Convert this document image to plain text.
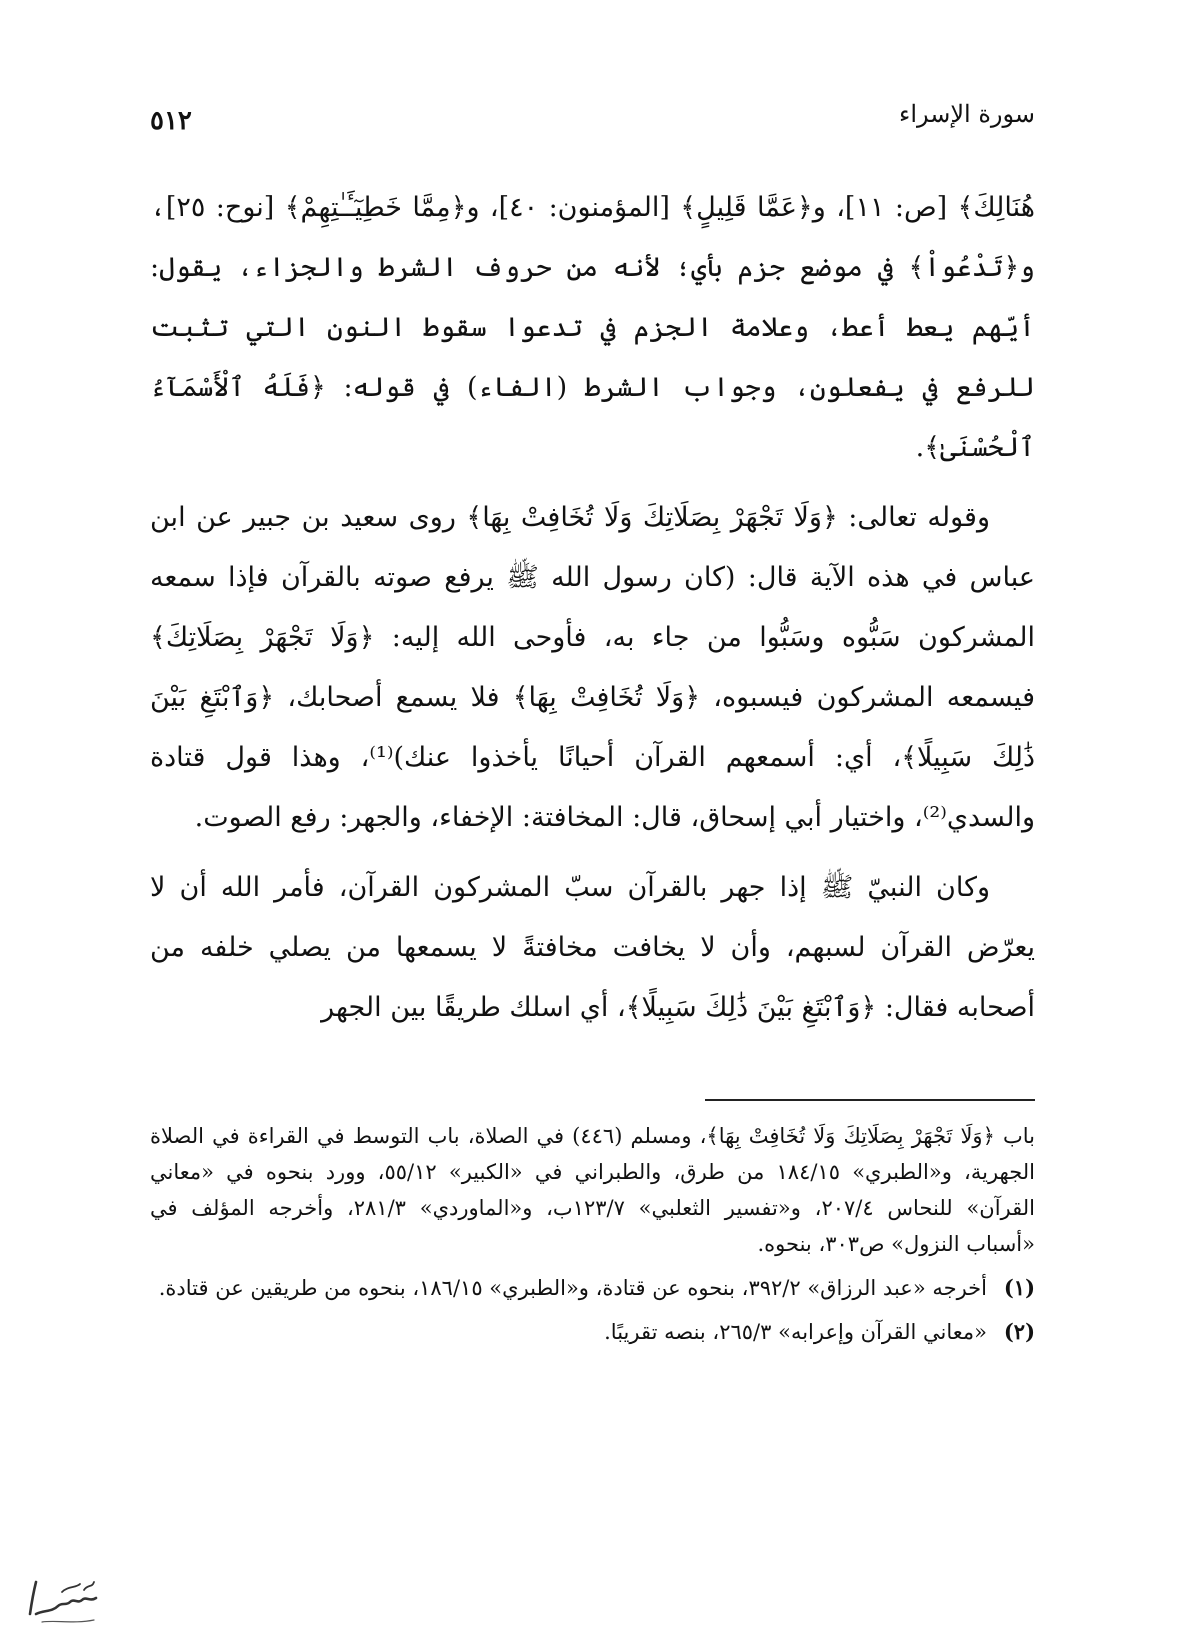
سورة الإسراء
٥١٢

هُنَالِكَ﴾ [ص: ١١]، و﴿عَمَّا قَلِيلٍ﴾ [المؤمنون: ٤٠]، و﴿مِمَّا خَطِيٓـَٔـٰتِهِمْ﴾ [نوح: ٢٥]، و﴿تَدْعُواْ﴾ في موضع جزم بأي؛ لأنه من حروف الشرط والجزاء، يقول: أيّهم يعط أعط، وعلامة الجزم في تدعوا سقوط النون التي تثبت للرفع في يفعلون، وجواب الشرط (الفاء) في قوله: ﴿فَلَهُ ٱلْأَسْمَآءُ ٱلْحُسْنَىٰ﴾.

وقوله تعالى: ﴿وَلَا تَجْهَرْ بِصَلَاتِكَ وَلَا تُخَافِتْ بِهَا﴾ روى سعيد بن جبير عن ابن عباس في هذه الآية قال: (كان رسول الله ﷺ يرفع صوته بالقرآن فإذا سمعه المشركون سَبُّوه وسَبُّوا من جاء به، فأوحى الله إليه: ﴿وَلَا تَجْهَرْ بِصَلَاتِكَ﴾ فيسمعه المشركون فيسبوه، ﴿وَلَا تُخَافِتْ بِهَا﴾ فلا يسمع أصحابك، ﴿وَٱبْتَغِ بَيْنَ ذَٰلِكَ سَبِيلًا﴾، أي: أسمعهم القرآن أحيانًا يأخذوا عنك)⁽¹⁾، وهذا قول قتادة والسدي⁽²⁾، واختيار أبي إسحاق، قال: المخافتة: الإخفاء، والجهر: رفع الصوت.

وكان النبيّ ﷺ إذا جهر بالقرآن سبّ المشركون القرآن، فأمر الله أن لا يعرّض القرآن لسبهم، وأن لا يخافت مخافتةً لا يسمعها من يصلي خلفه من أصحابه فقال: ﴿وَٱبْتَغِ بَيْنَ ذَٰلِكَ سَبِيلًا﴾، أي اسلك طريقًا بين الجهر

باب ﴿وَلَا تَجْهَرْ بِصَلَاتِكَ وَلَا تُخَافِتْ بِهَا﴾، ومسلم (٤٤٦) في الصلاة، باب التوسط في القراءة في الصلاة الجهرية، و«الطبري» ١٨٤/١٥ من طرق، والطبراني في «الكبير» ٥٥/١٢، وورد بنحوه في «معاني القرآن» للنحاس ٢٠٧/٤، و«تفسير الثعلبي» ١٢٣/٧ب، و«الماوردي» ٢٨١/٣، وأخرجه المؤلف في «أسباب النزول» ص٣٠٣، بنحوه.

(١)
أخرجه «عبد الرزاق» ٣٩٢/٢، بنحوه عن قتادة، و«الطبري» ١٨٦/١٥، بنحوه من طريقين عن قتادة.
(٢)
«معاني القرآن وإعرابه» ٢٦٥/٣، بنصه تقريبًا.
المستـهلم
غرائبية الإسلام
